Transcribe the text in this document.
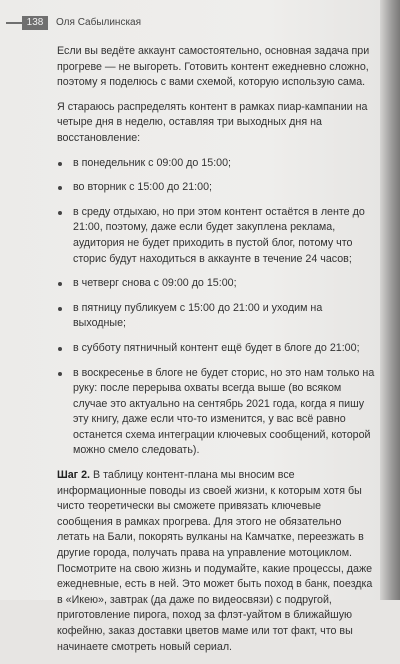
138	Оля Сабылинская

Если вы ведёте аккаунт самостоятельно, основная задача при прогреве — не выгореть. Готовить контент ежедневно сложно, поэтому я поделюсь с вами схемой, которую использую сама.

Я стараюсь распределять контент в рамках пиар-кампании на четыре дня в неделю, оставляя три выходных дня на восстановление:

в понедельник с 09:00 до 15:00;
во вторник с 15:00 до 21:00;
в среду отдыхаю, но при этом контент остаётся в ленте до 21:00, поэтому, даже если будет закуплена реклама, аудитория не будет приходить в пустой блог, потому что сторис будут находиться в аккаунте в течение 24 часов;
в четверг снова с 09:00 до 15:00;
в пятницу публикуем с 15:00 до 21:00 и уходим на выходные;
в субботу пятничный контент ещё будет в блоге до 21:00;
в воскресенье в блоге не будет сторис, но это нам только на руку: после перерыва охваты всегда выше (во всяком случае это актуально на сентябрь 2021 года, когда я пишу эту книгу, даже если что-то изменится, у вас всё равно останется схема интеграции ключевых сообщений, которой можно смело следовать).

Шаг 2. В таблицу контент-плана мы вносим все информационные поводы из своей жизни, к которым хотя бы чисто теоретически вы сможете привязать ключевые сообщения в рамках прогрева. Для этого не обязательно летать на Бали, покорять вулканы на Камчатке, переезжать в другие города, получать права на управление мотоциклом. Посмотрите на свою жизнь и подумайте, какие процессы, даже ежедневные, есть в ней. Это может быть поход в банк, поездка в «Икею», завтрак (да даже по видеосвязи) с подругой, приготовление пирога, поход за флэт-уайтом в ближайшую кофейню, заказ доставки цветов маме или тот факт, что вы начинаете смотреть новый сериал.
